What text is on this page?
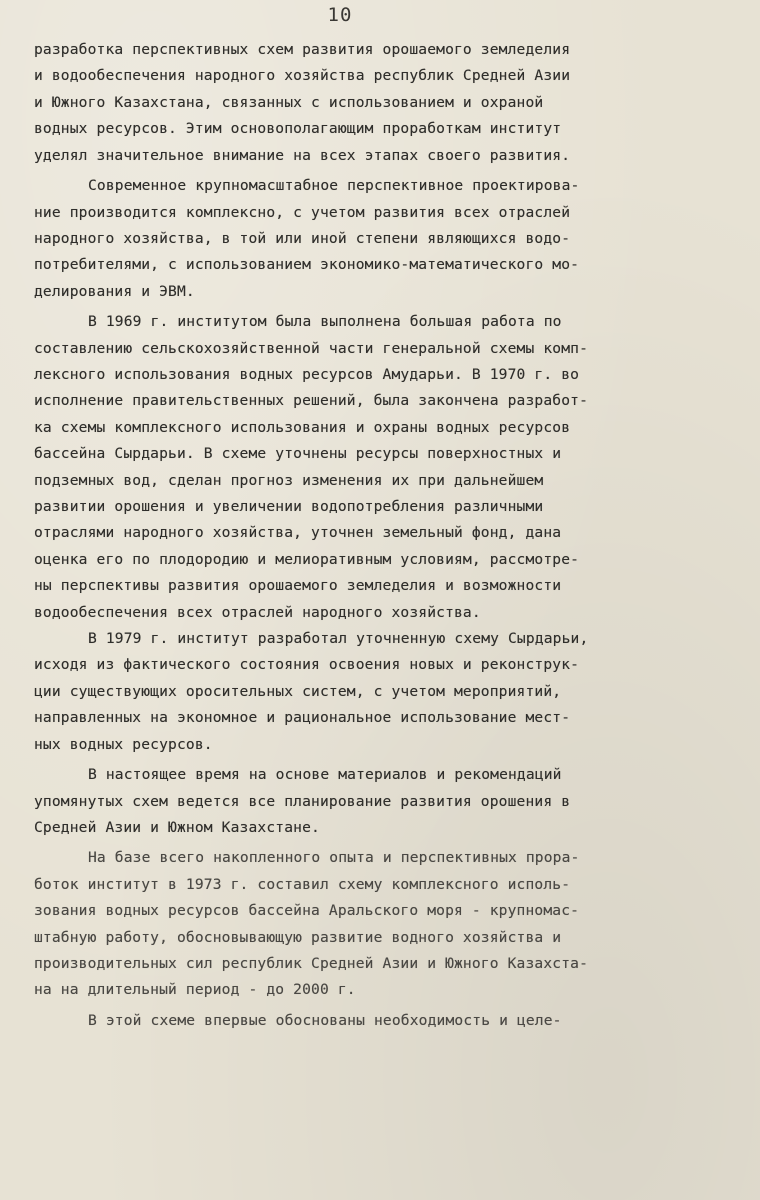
10
разработка перспективных схем развития орошаемого земледелия
и водообеспечения народного хозяйства республик Средней Азии
и Южного Казахстана, связанных с использованием и охраной
водных ресурсов. Этим основополагающим проработкам институт
уделял значительное внимание на всех этапах своего развития.
Современное крупномасштабное перспективное проектирова-
ние производится комплексно, с учетом развития всех отраслей
народного хозяйства, в той или иной степени являющихся водо-
потребителями, с использованием экономико-математического мо-
делирования и ЭВМ.
В 1969 г. институтом была выполнена большая работа по
составлению сельскохозяйственной части генеральной схемы комп-
лексного использования водных ресурсов Амударьи. В 1970 г. во
исполнение правительственных решений, была закончена разработ-
ка схемы комплексного использования и охраны водных ресурсов
бассейна Сырдарьи. В схеме уточнены ресурсы поверхностных и
подземных вод, сделан прогноз изменения их при дальнейшем
развитии орошения и увеличении водопотребления различными
отраслями народного хозяйства, уточнен земельный фонд, дана
оценка его по плодородию и мелиоративным условиям, рассмотре-
ны перспективы развития орошаемого земледелия и возможности
водообеспечения всех отраслей народного хозяйства.
В 1979 г. институт разработал уточненную схему Сырдарьи,
исходя из фактического состояния освоения новых и реконструк-
ции существующих оросительных систем, с учетом мероприятий,
направленных на экономное и рациональное использование мест-
ных водных ресурсов.
В настоящее время на основе материалов и рекомендаций
упомянутых схем ведется все планирование развития орошения в
Средней Азии и Южном Казахстане.
На базе всего накопленного опыта и перспективных прора-
боток институт в 1973 г. составил схему комплексного исполь-
зования водных ресурсов бассейна Аральского моря - крупномас-
штабную работу, обосновывающую развитие водного хозяйства и
производительных сил республик Средней Азии и Южного Казахста-
на на длительный период - до 2000 г.
В этой схеме впервые обоснованы необходимость и целе-
